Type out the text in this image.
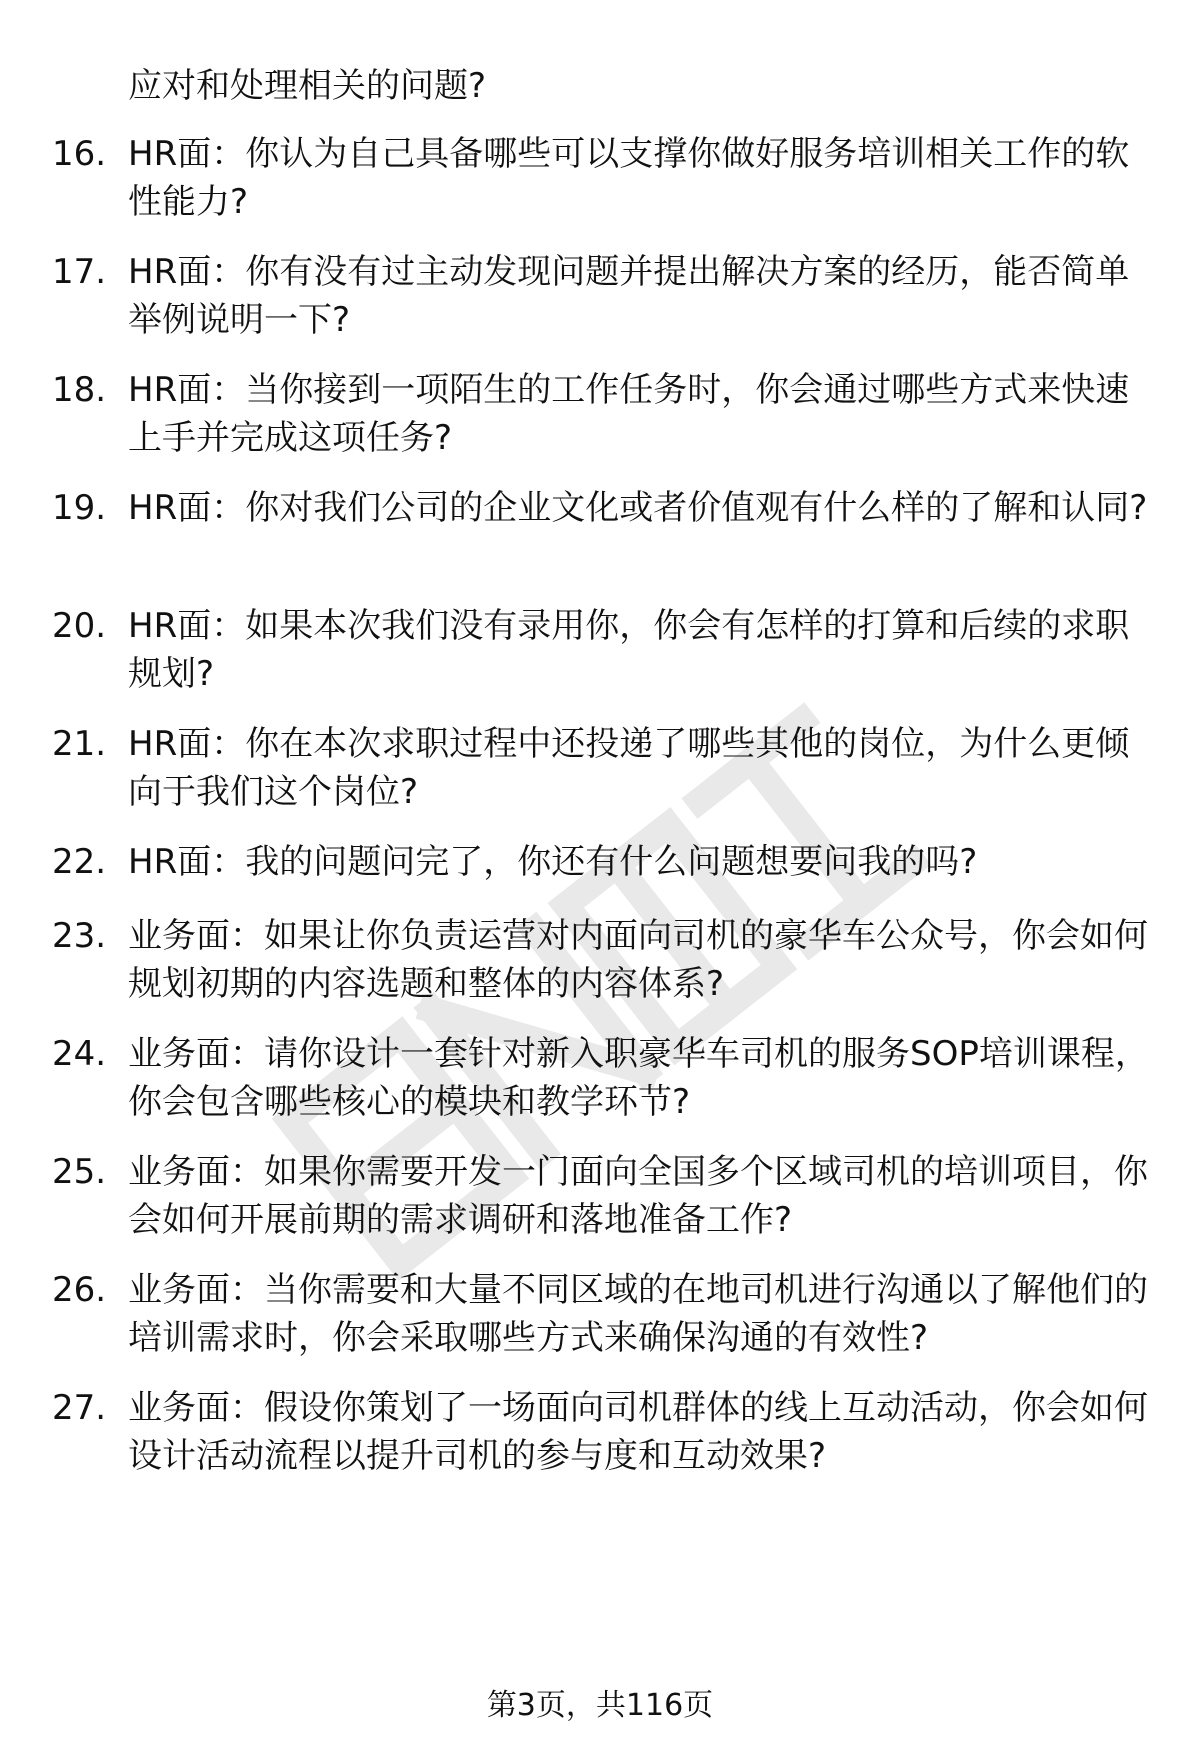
应对和处理相关的问题?
16. HR面：你认为自己具备哪些可以支撑你做好服务培训相关工作的软性能力?
17. HR面：你有没有过主动发现问题并提出解决方案的经历，能否简单举例说明一下?
18. HR面：当你接到一项陌生的工作任务时，你会通过哪些方式来快速上手并完成这项任务?
19. HR面：你对我们公司的企业文化或者价值观有什么样的了解和认同?
20. HR面：如果本次我们没有录用你，你会有怎样的打算和后续的求职规划?
21. HR面：你在本次求职过程中还投递了哪些其他的岗位，为什么更倾向于我们这个岗位?
22. HR面：我的问题问完了，你还有什么问题想要问我的吗?
23. 业务面：如果让你负责运营对内面向司机的豪华车公众号，你会如何规划初期的内容选题和整体的内容体系?
24. 业务面：请你设计一套针对新入职豪华车司机的服务SOP培训课程，你会包含哪些核心的模块和教学环节?
25. 业务面：如果你需要开发一门面向全国多个区域司机的培训项目，你会如何开展前期的需求调研和落地准备工作?
26. 业务面：当你需要和大量不同区域的在地司机进行沟通以了解他们的培训需求时，你会采取哪些方式来确保沟通的有效性?
27. 业务面：假设你策划了一场面向司机群体的线上互动活动，你会如何设计活动流程以提升司机的参与度和互动效果?
第3页，共116页
